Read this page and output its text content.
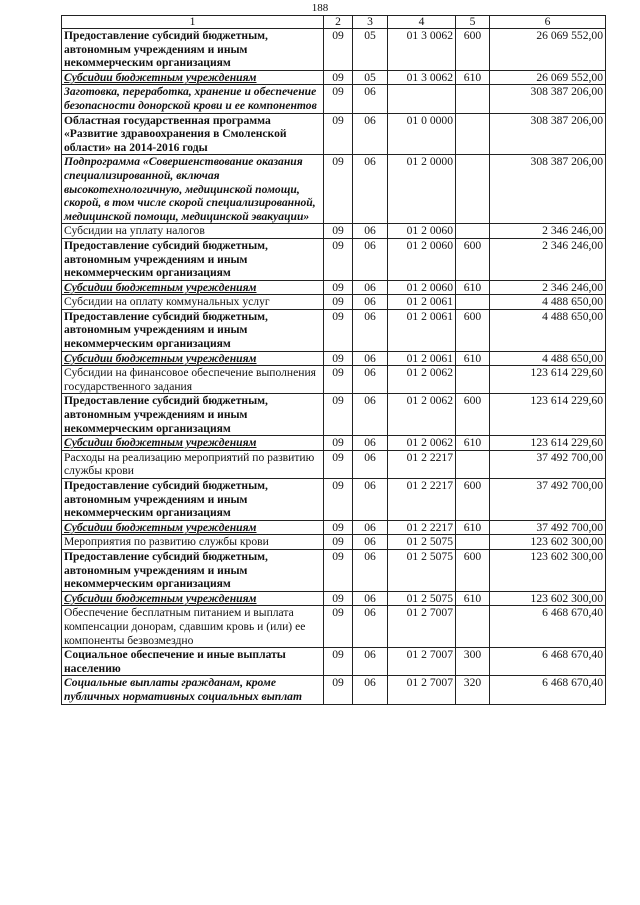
188
1	2	3	4	5	6
Предоставление субсидий бюджетным, автономным учреждениям и иным некоммерческим организациям	09	05	01 3 0062	600	26 069 552,00
Субсидии бюджетным учреждениям	09	05	01 3 0062	610	26 069 552,00
Заготовка, переработка, хранение и обеспечение безопасности донорской крови и ее компонентов	09	06			308 387 206,00
Областная государственная программа «Развитие здравоохранения в Смоленской области» на 2014-2016 годы	09	06	01 0 0000		308 387 206,00
Подпрограмма «Совершенствование оказания специализированной, включая высокотехнологичную, медицинской помощи, скорой, в том числе скорой специализированной, медицинской помощи, медицинской эвакуации»	09	06	01 2 0000		308 387 206,00
Субсидии на уплату налогов	09	06	01 2 0060		2 346 246,00
Предоставление субсидий бюджетным, автономным учреждениям и иным некоммерческим организациям	09	06	01 2 0060	600	2 346 246,00
Субсидии бюджетным учреждениям	09	06	01 2 0060	610	2 346 246,00
Субсидии на оплату коммунальных услуг	09	06	01 2 0061		4 488 650,00
Предоставление субсидий бюджетным, автономным учреждениям и иным некоммерческим организациям	09	06	01 2 0061	600	4 488 650,00
Субсидии бюджетным учреждениям	09	06	01 2 0061	610	4 488 650,00
Субсидии на финансовое обеспечение выполнения государственного задания	09	06	01 2 0062		123 614 229,60
Предоставление субсидий бюджетным, автономным учреждениям и иным некоммерческим организациям	09	06	01 2 0062	600	123 614 229,60
Субсидии бюджетным учреждениям	09	06	01 2 0062	610	123 614 229,60
Расходы на реализацию мероприятий по развитию службы крови	09	06	01 2 2217		37 492 700,00
Предоставление субсидий бюджетным, автономным учреждениям и иным некоммерческим организациям	09	06	01 2 2217	600	37 492 700,00
Субсидии бюджетным учреждениям	09	06	01 2 2217	610	37 492 700,00
Мероприятия по развитию службы крови	09	06	01 2 5075		123 602 300,00
Предоставление субсидий бюджетным, автономным учреждениям и иным некоммерческим организациям	09	06	01 2 5075	600	123 602 300,00
Субсидии бюджетным учреждениям	09	06	01 2 5075	610	123 602 300,00
Обеспечение бесплатным питанием и выплата компенсации донорам, сдавшим кровь и (или) ее компоненты безвозмездно	09	06	01 2 7007		6 468 670,40
Социальное обеспечение и иные выплаты населению	09	06	01 2 7007	300	6 468 670,40
Социальные выплаты гражданам, кроме публичных нормативных социальных выплат	09	06	01 2 7007	320	6 468 670,40
